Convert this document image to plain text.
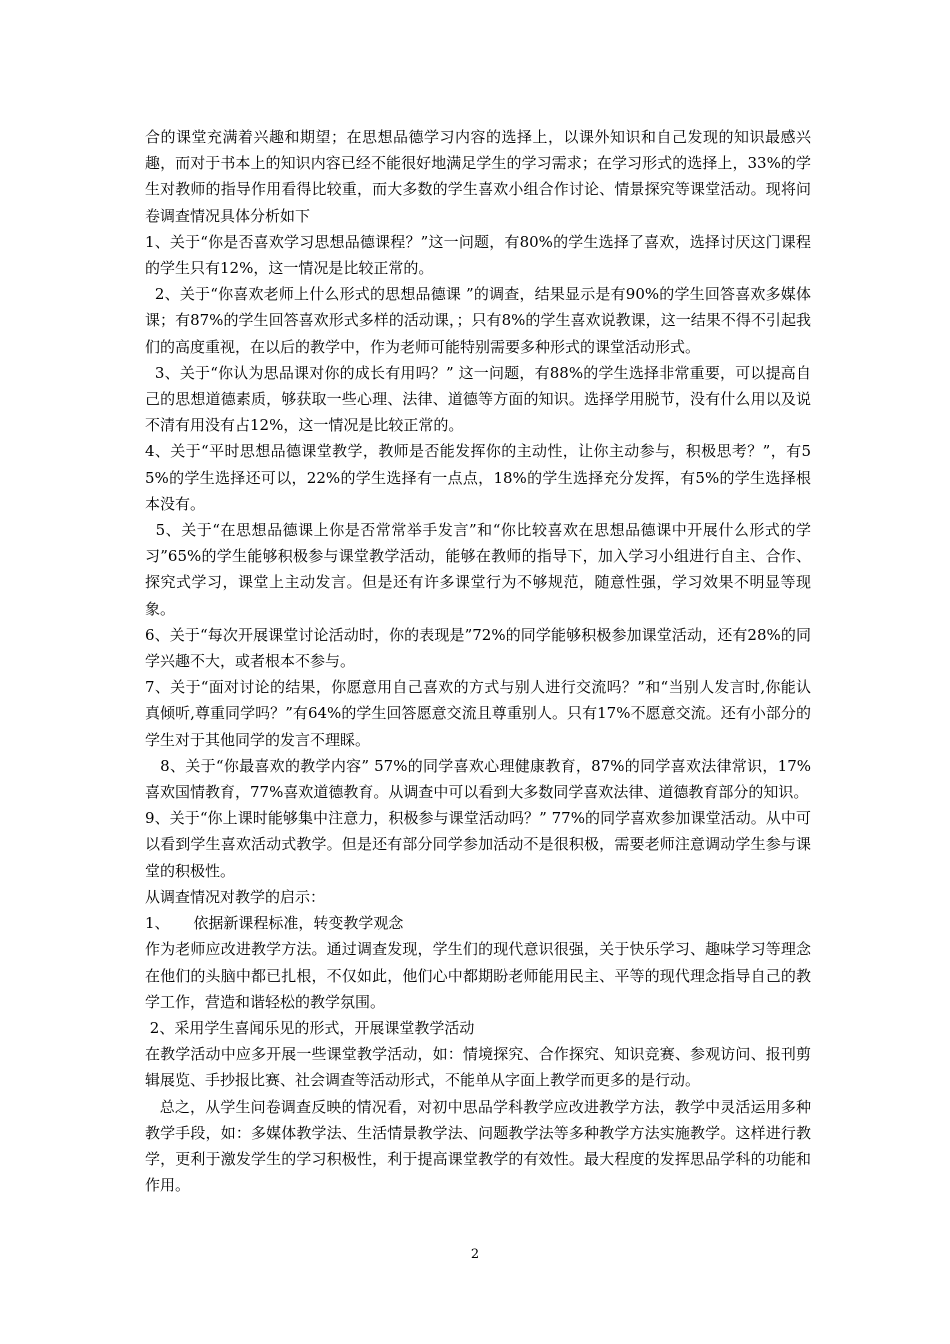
合的课堂充满着兴趣和期望；在思想品德学习内容的选择上，以课外知识和自己发现的知识最感兴趣，而对于书本上的知识内容已经不能很好地满足学生的学习需求；在学习形式的选择上，33%的学生对教师的指导作用看得比较重，而大多数的学生喜欢小组合作讨论、情景探究等课堂活动。现将问卷调查情况具体分析如下

1、关于“你是否喜欢学习思想品德课程？”这一问题，有80%的学生选择了喜欢，选择讨厌这门课程的学生只有12%，这一情况是比较正常的。

2、关于“你喜欢老师上什么形式的思想品德课 ”的调查，结果显示是有90%的学生回答喜欢多媒体课；有87%的学生回答喜欢形式多样的活动课，；只有8%的学生喜欢说教课，这一结果不得不引起我们的高度重视，在以后的教学中，作为老师可能特别需要多种形式的课堂活动形式。

3、关于“你认为思品课对你的成长有用吗？” 这一问题，有88%的学生选择非常重要，可以提高自己的思想道德素质，够获取一些心理、法律、道德等方面的知识。选择学用脱节，没有什么用以及说不清有用没有占12%，这一情况是比较正常的。

4、关于“平时思想品德课堂教学，教师是否能发挥你的主动性，让你主动参与，积极思考？”，有55%的学生选择还可以，22%的学生选择有一点点，18%的学生选择充分发挥，有5%的学生选择根本没有。

5、关于“在思想品德课上你是否常常举手发言”和“你比较喜欢在思想品德课中开展什么形式的学习”65%的学生能够积极参与课堂教学活动，能够在教师的指导下，加入学习小组进行自主、合作、探究式学习，课堂上主动发言。但是还有许多课堂行为不够规范，随意性强，学习效果不明显等现象。

6、关于“每次开展课堂讨论活动时，你的表现是”72%的同学能够积极参加课堂活动，还有28%的同学兴趣不大，或者根本不参与。

7、关于“面对讨论的结果，你愿意用自己喜欢的方式与别人进行交流吗？”和“当别人发言时,你能认真倾听,尊重同学吗？”有64%的学生回答愿意交流且尊重别人。只有17%不愿意交流。还有小部分的学生对于其他同学的发言不理睬。

8、关于“你最喜欢的教学内容” 57%的同学喜欢心理健康教育，87%的同学喜欢法律常识，17%喜欢国情教育，77%喜欢道德教育。从调查中可以看到大多数同学喜欢法律、道德教育部分的知识。

9、关于“你上课时能够集中注意力，积极参与课堂活动吗？” 77%的同学喜欢参加课堂活动。从中可以看到学生喜欢活动式教学。但是还有部分同学参加活动不是很积极，需要老师注意调动学生参与课堂的积极性。

从调查情况对教学的启示：

1、     依据新课程标准，转变教学观念

作为老师应改进教学方法。通过调查发现，学生们的现代意识很强，关于快乐学习、趣味学习等理念在他们的头脑中都已扎根，不仅如此，他们心中都期盼老师能用民主、平等的现代理念指导自己的教学工作，营造和谐轻松的教学氛围。

2、采用学生喜闻乐见的形式，开展课堂教学活动

在教学活动中应多开展一些课堂教学活动，如：情境探究、合作探究、知识竞赛、参观访问、报刊剪辑展览、手抄报比赛、社会调查等活动形式，不能单从字面上教学而更多的是行动。

总之，从学生问卷调查反映的情况看，对初中思品学科教学应改进教学方法，教学中灵活运用多种教学手段，如：多媒体教学法、生活情景教学法、问题教学法等多种教学方法实施教学。这样进行教学，更利于激发学生的学习积极性，利于提高课堂教学的有效性。最大程度的发挥思品学科的功能和作用。

2
